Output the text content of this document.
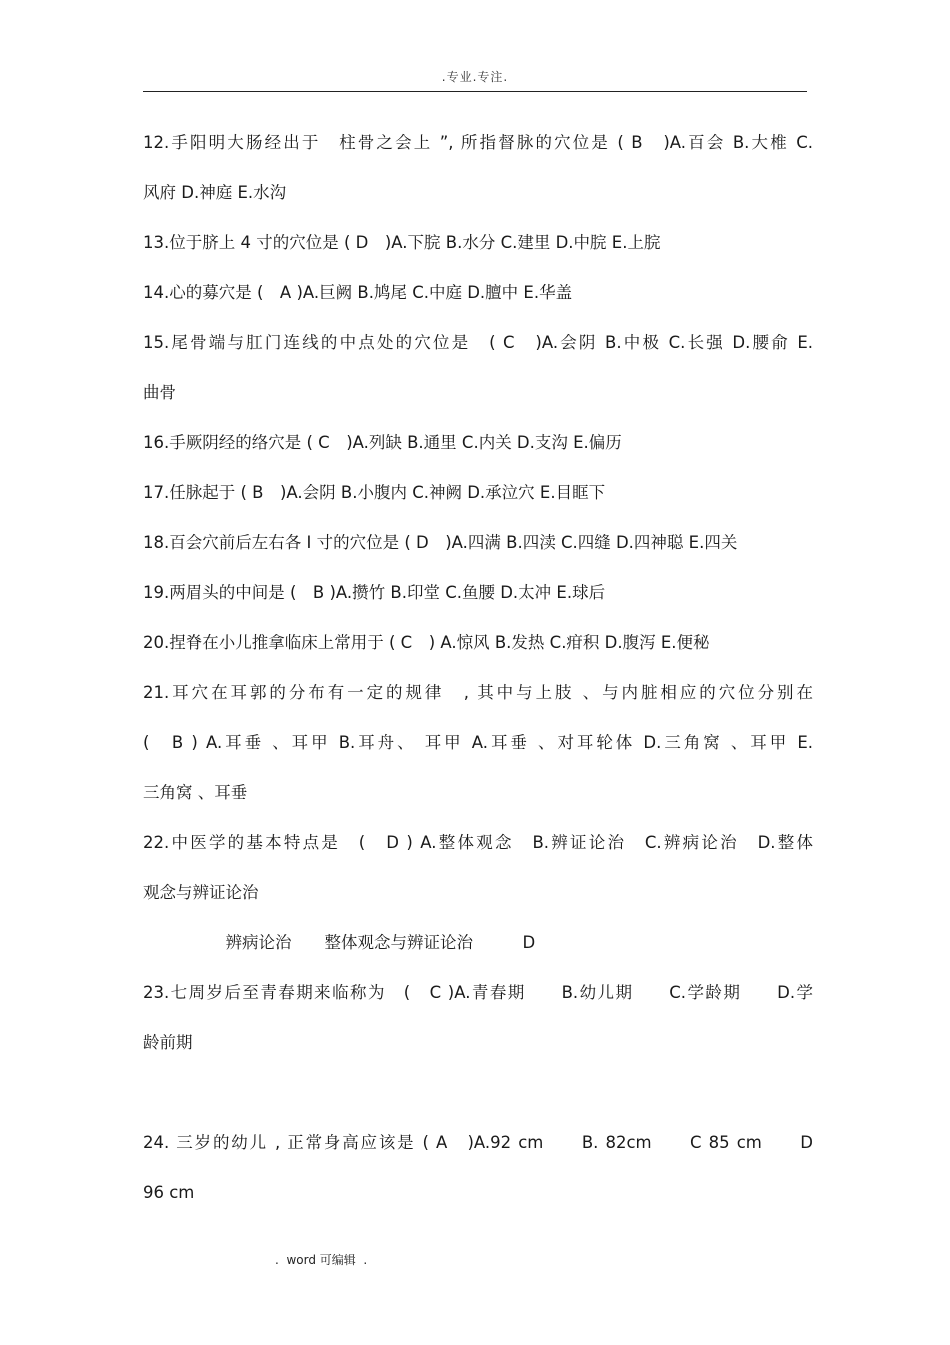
.专业.专注.
12.手阳明大肠经出于　柱骨之会上 ”, 所指督脉的穴位是 ( B　)A.百会 B.大椎 C.
风府 D.神庭 E.水沟
13.位于脐上 4 寸的穴位是 ( D　)A.下脘 B.水分 C.建里 D.中脘 E.上脘
14.心的募穴是 (　A )A.巨阙 B.鸠尾 C.中庭 D.膻中 E.华盖
15.尾骨端与肛门连线的中点处的穴位是　( C　)A.会阴 B.中极 C.长强 D.腰俞 E.
曲骨
16.手厥阴经的络穴是 ( C　)A.列缺 B.通里 C.内关 D.支沟 E.偏历
17.任脉起于 ( B　)A.会阴 B.小腹内 C.神阙 D.承泣穴 E.目眶下
18.百会穴前后左右各 I 寸的穴位是 ( D　)A.四满 B.四渎 C.四缝 D.四神聪 E.四关
19.两眉头的中间是 (　B )A.攒竹 B.印堂 C.鱼腰 D.太冲 E.球后
20.捏脊在小儿推拿临床上常用于 ( C　) A.惊风 B.发热 C.疳积 D.腹泻 E.便秘
21.耳穴在耳郭的分布有一定的规律　, 其中与上肢 、与内脏相应的穴位分别在
(　B ) A.耳垂 、耳甲 B.耳舟、 耳甲 A.耳垂 、对耳轮体 D.三角窝 、耳甲 E.
三角窝 、耳垂
22.中医学的基本特点是　(　D ) A.整体观念　B.辨证论治　C.辨病论治　D.整体
观念与辨证论治
　　　　　辨病论治　　整体观念与辨证论治　　　D
23.七周岁后至青春期来临称为　(　C )A.青春期　　B.幼儿期　　C.学龄期　　D.学
龄前期
24. 三岁的幼儿 , 正常身高应该是 ( A　)A.92 cm　　B. 82cm　　C 85 cm　　D
96 cm
.  word 可编辑  .
